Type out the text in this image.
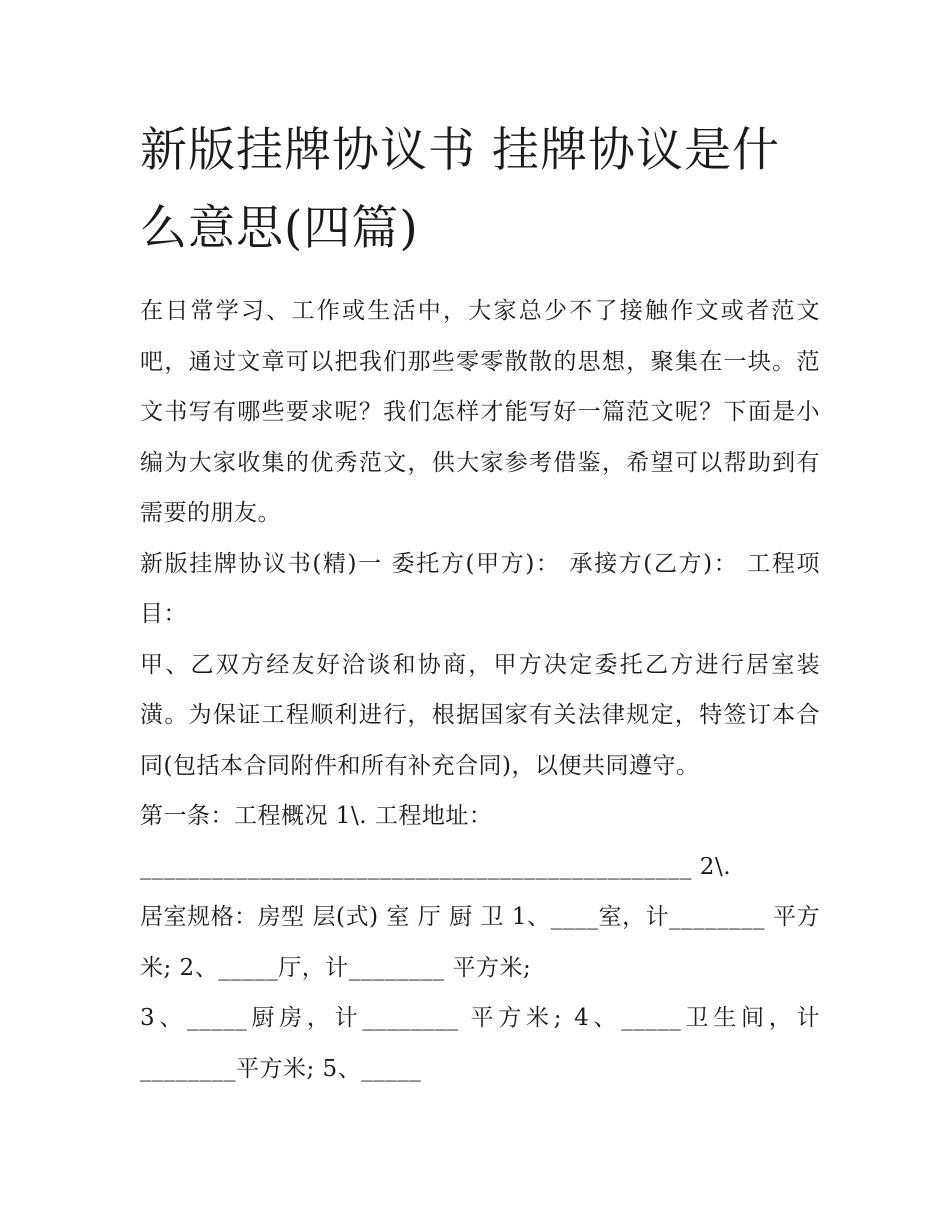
新版挂牌协议书 挂牌协议是什么意思(四篇)

在日常学习、工作或生活中，大家总少不了接触作文或者范文吧，通过文章可以把我们那些零零散散的思想，聚集在一块。范文书写有哪些要求呢？我们怎样才能写好一篇范文呢？下面是小编为大家收集的优秀范文，供大家参考借鉴，希望可以帮助到有需要的朋友。

新版挂牌协议书(精)一 委托方(甲方)： 承接方(乙方)： 工程项目：

甲、乙双方经友好洽谈和协商，甲方决定委托乙方进行居室装潢。为保证工程顺利进行，根据国家有关法律规定，特签订本合同(包括本合同附件和所有补充合同)，以便共同遵守。

第一条：工程概况 1\. 工程地址：

______________________________________________ 2\.

居室规格：房型 层(式) 室 厅 厨 卫 1、____室，计________ 平方米; 2、_____厅，计________ 平方米;

3、_____厨房，计________ 平方米; 4、_____卫生间，计________平方米; 5、_____
